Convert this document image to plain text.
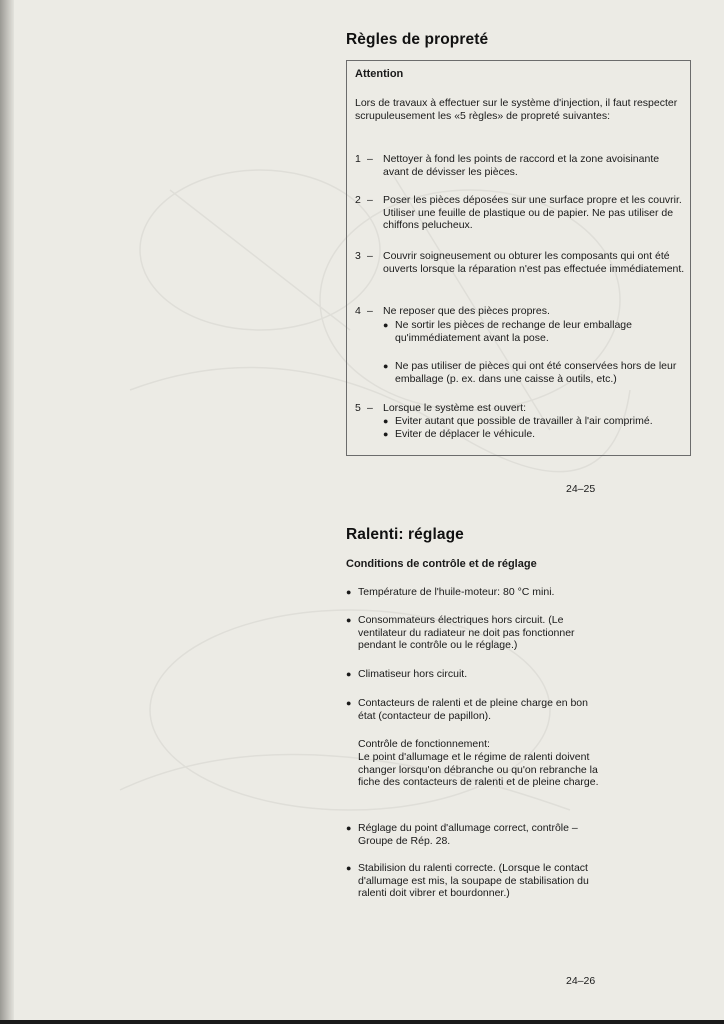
Règles de propreté
Attention
Lors de travaux à effectuer sur le système d'injection, il faut respecter scrupuleusement les «5 règles» de propreté suivantes:
1 – Nettoyer à fond les points de raccord et la zone avoisinante avant de dévisser les pièces.
2 – Poser les pièces déposées sur une surface propre et les couvrir. Utiliser une feuille de plastique ou de papier. Ne pas utiliser de chiffons pelucheux.
3 – Couvrir soigneusement ou obturer les composants qui ont été ouverts lorsque la réparation n'est pas effectuée immédiatement.
4 – Ne reposer que des pièces propres.
● Ne sortir les pièces de rechange de leur emballage qu'immédiatement avant la pose.
● Ne pas utiliser de pièces qui ont été conservées hors de leur emballage (p. ex. dans une caisse à outils, etc.)
5 – Lorsque le système est ouvert:
● Eviter autant que possible de travailler à l'air comprimé.
● Eviter de déplacer le véhicule.
24–25
Ralenti: réglage
Conditions de contrôle et de réglage
● Température de l'huile-moteur: 80 °C mini.
● Consommateurs électriques hors circuit. (Le ventilateur du radiateur ne doit pas fonctionner pendant le contrôle ou le réglage.)
● Climatiseur hors circuit.
● Contacteurs de ralenti et de pleine charge en bon état (contacteur de papillon).
Contrôle de fonctionnement:
Le point d'allumage et le régime de ralenti doivent changer lorsqu'on débranche ou qu'on rebranche la fiche des contacteurs de ralenti et de pleine charge.
● Réglage du point d'allumage correct, contrôle – Groupe de Rép. 28.
● Stabilision du ralenti correcte. (Lorsque le contact d'allumage est mis, la soupape de stabilisation du ralenti doit vibrer et bourdonner.)
24–26
